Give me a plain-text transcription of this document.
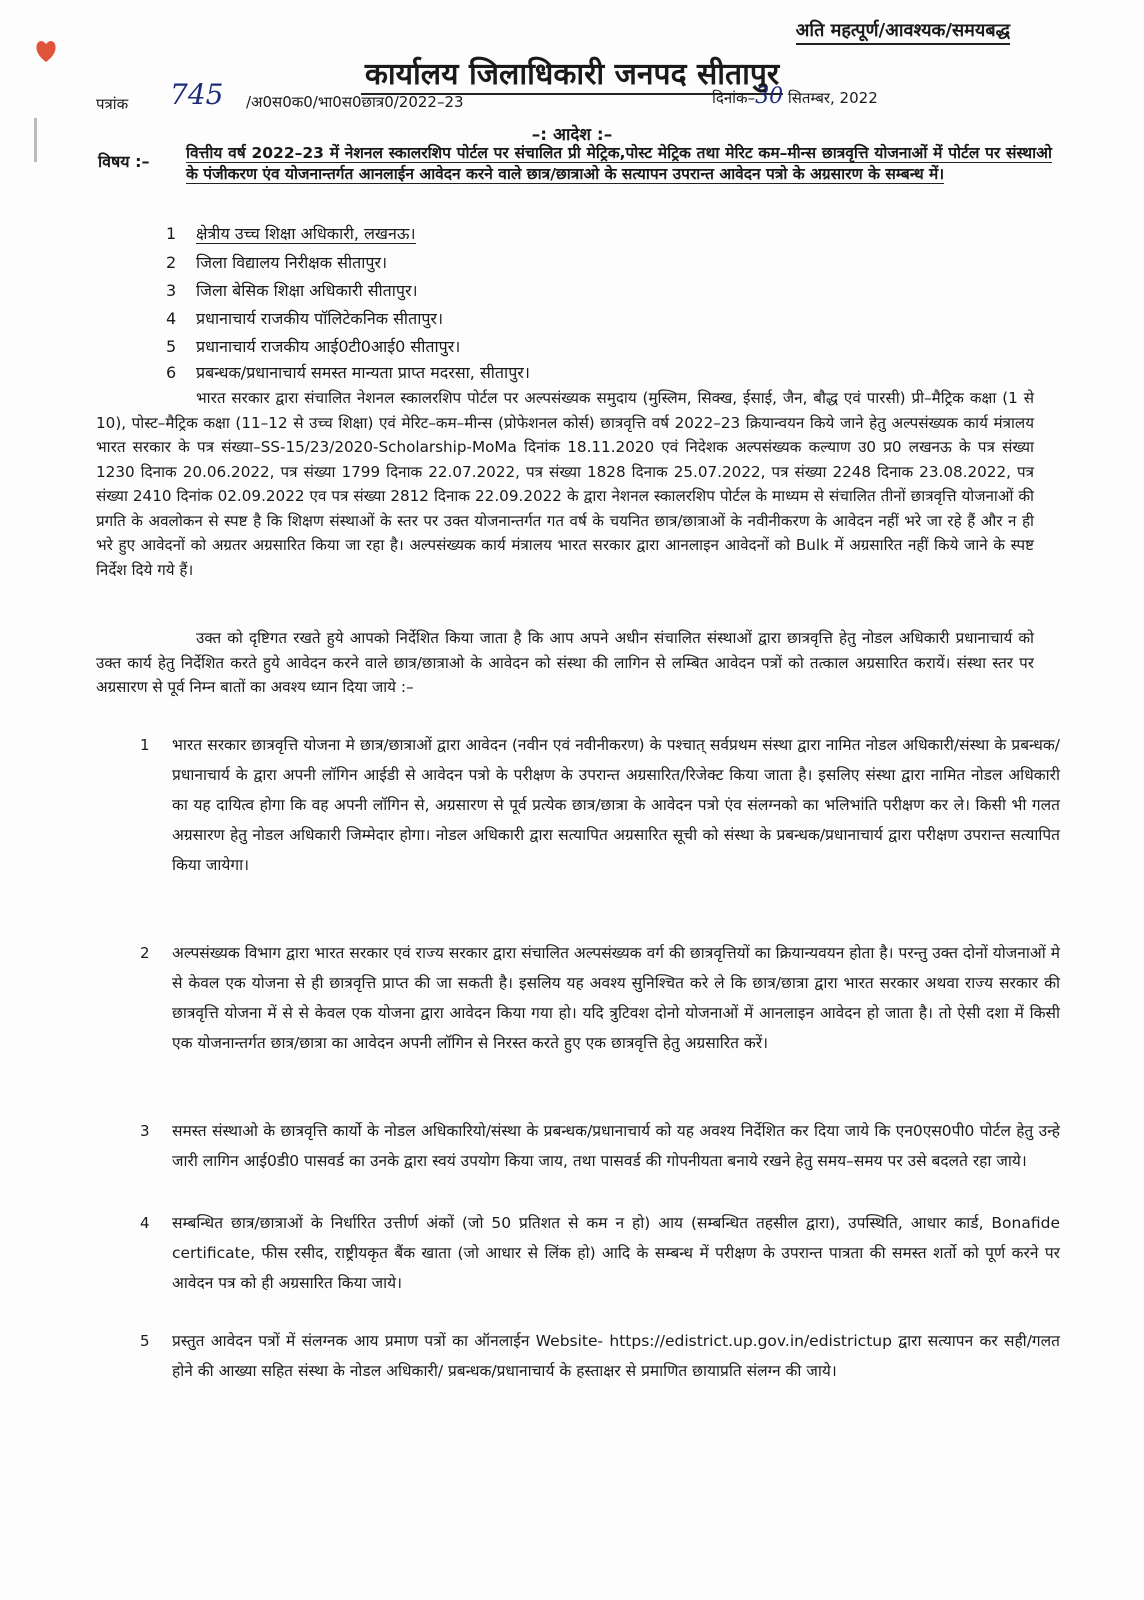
अति महत्पूर्ण/आवश्यक/समयबद्ध
कार्यालय जिलाधिकारी जनपद सीतापुर
पत्रांक 745 /अ0स0क0/भा0स0छात्र0/2022–23	दिनांक–30 सितम्बर, 2022
–: आदेश :–
विषय :– वित्तीय वर्ष 2022–23 में नेशनल स्कालरशिप पोर्टल पर संचालित प्री मेट्रिक,पोस्ट मेट्रिक तथा मेरिट कम–मीन्स छात्रवृत्ति योजनाओं में पोर्टल पर संस्थाओ के पंजीकरण एंव योजनान्तर्गत आनलाईन आवेदन करने वाले छात्र/छात्राओ के सत्यापन उपरान्त आवेदन पत्रो के अग्रसारण के सम्बन्ध में।
1 क्षेत्रीय उच्च शिक्षा अधिकारी, लखनऊ।
2 जिला विद्यालय निरीक्षक सीतापुर।
3 जिला बेसिक शिक्षा अधिकारी सीतापुर।
4 प्रधानाचार्य राजकीय पॉलिटेकनिक सीतापुर।
5 प्रधानाचार्य राजकीय आई0टी0आई0 सीतापुर।
6 प्रबन्धक/प्रधानाचार्य समस्त मान्यता प्राप्त मदरसा, सीतापुर।
भारत सरकार द्वारा संचालित नेशनल स्कालरशिप पोर्टल पर अल्पसंख्यक समुदाय (मुस्लिम, सिक्ख, ईसाई, जैन, बौद्ध एवं पारसी) प्री–मैट्रिक कक्षा (1 से 10), पोस्ट–मैट्रिक कक्षा (11–12 से उच्च शिक्षा) एवं मेरिट–कम–मीन्स (प्रोफेशनल कोर्स) छात्रवृत्ति वर्ष 2022–23 क्रियान्वयन किये जाने हेतु अल्पसंख्यक कार्य मंत्रालय भारत सरकार के पत्र संख्या–SS-15/23/2020-Scholarship-MoMa दिनांक 18.11.2020 एवं निदेशक अल्पसंख्यक कल्याण उ0 प्र0 लखनऊ के पत्र संख्या 1230 दिनाक 20.06.2022, पत्र संख्या 1799 दिनाक 22.07.2022, पत्र संख्या 1828 दिनाक 25.07.2022, पत्र संख्या 2248 दिनाक 23.08.2022, पत्र संख्या 2410 दिनांक 02.09.2022 एव पत्र संख्या 2812 दिनाक 22.09.2022 के द्वारा नेशनल स्कालरशिप पोर्टल के माध्यम से संचालित तीनों छात्रवृत्ति योजनाओं की प्रगति के अवलोकन से स्पष्ट है कि शिक्षण संस्थाओं के स्तर पर उक्त योजनान्तर्गत गत वर्ष के चयनित छात्र/छात्राओं के नवीनीकरण के आवेदन नहीं भरे जा रहे हैं और न ही भरे हुए आवेदनों को अग्रतर अग्रसारित किया जा रहा है। अल्पसंख्यक कार्य मंत्रालय भारत सरकार द्वारा आनलाइन आवेदनों को Bulk में अग्रसारित नहीं किये जाने के स्पष्ट निर्देश दिये गये हैं।
उक्त को दृष्टिगत रखते हुये आपको निर्देशित किया जाता है कि आप अपने अधीन संचालित संस्थाओं द्वारा छात्रवृत्ति हेतु नोडल अधिकारी प्रधानाचार्य को उक्त कार्य हेतु निर्देशित करते हुये आवेदन करने वाले छात्र/छात्राओ के आवेदन को संस्था की लागिन से लम्बित आवेदन पत्रों को तत्काल अग्रसारित करायें। संस्था स्तर पर अग्रसारण से पूर्व निम्न बातों का अवश्य ध्यान दिया जाये :–
1 भारत सरकार छात्रवृत्ति योजना मे छात्र/छात्राओं द्वारा आवेदन (नवीन एवं नवीनीकरण) के पश्चात् सर्वप्रथम संस्था द्वारा नामित नोडल अधिकारी/संस्था के प्रबन्धक/प्रधानाचार्य के द्वारा अपनी लॉगिन आईडी से आवेदन पत्रो के परीक्षण के उपरान्त अग्रसारित/रिजेक्ट किया जाता है। इसलिए संस्था द्वारा नामित नोडल अधिकारी का यह दायित्व होगा कि वह अपनी लॉगिन से, अग्रसारण से पूर्व प्रत्येक छात्र/छात्रा के आवेदन पत्रो एंव संलग्नको का भलिभांति परीक्षण कर ले। किसी भी गलत अग्रसारण हेतु नोडल अधिकारी जिम्मेदार होगा। नोडल अधिकारी द्वारा सत्यापित अग्रसारित सूची को संस्था के प्रबन्धक/प्रधानाचार्य द्वारा परीक्षण उपरान्त सत्यापित किया जायेगा।
2 अल्पसंख्यक विभाग द्वारा भारत सरकार एवं राज्य सरकार द्वारा संचालित अल्पसंख्यक वर्ग की छात्रवृत्तियों का क्रियान्यवयन होता है। परन्तु उक्त दोनों योजनाओं मे से केवल एक योजना से ही छात्रवृत्ति प्राप्त की जा सकती है। इसलिय यह अवश्य सुनिश्चित करे ले कि छात्र/छात्रा द्वारा भारत सरकार अथवा राज्य सरकार की छात्रवृत्ति योजना में से से केवल एक योजना द्वारा आवेदन किया गया हो। यदि त्रुटिवश दोनो योजनाओं में आनलाइन आवेदन हो जाता है। तो ऐसी दशा में किसी एक योजनान्तर्गत छात्र/छात्रा का आवेदन अपनी लॉगिन से निरस्त करते हुए एक छात्रवृत्ति हेतु अग्रसारित करें।
3 समस्त संस्थाओ के छात्रवृत्ति कार्यो के नोडल अधिकारियो/संस्था के प्रबन्धक/प्रधानाचार्य को यह अवश्य निर्देशित कर दिया जाये कि एन0एस0पी0 पोर्टल हेतु उन्हे जारी लागिन आई0डी0 पासवर्ड का उनके द्वारा स्वयं उपयोग किया जाय, तथा पासवर्ड की गोपनीयता बनाये रखने हेतु समय–समय पर उसे बदलते रहा जाये।
4 सम्बन्धित छात्र/छात्राओं के निर्धारित उत्तीर्ण अंकों (जो 50 प्रतिशत से कम न हो) आय (सम्बन्धित तहसील द्वारा), उपस्थिति, आधार कार्ड, Bonafide certificate, फीस रसीद, राष्ट्रीयकृत बैंक खाता (जो आधार से लिंक हो) आदि के सम्बन्ध में परीक्षण के उपरान्त पात्रता की समस्त शर्तो को पूर्ण करने पर आवेदन पत्र को ही अग्रसारित किया जाये।
5 प्रस्तुत आवेदन पत्रों में संलग्नक आय प्रमाण पत्रों का ऑनलाईन Website- https://edistrict.up.gov.in/edistrictup द्वारा सत्यापन कर सही/गलत होने की आख्या सहित संस्था के नोडल अधिकारी/ प्रबन्धक/प्रधानाचार्य के हस्ताक्षर से प्रमाणित छायाप्रति संलग्न की जाये।
